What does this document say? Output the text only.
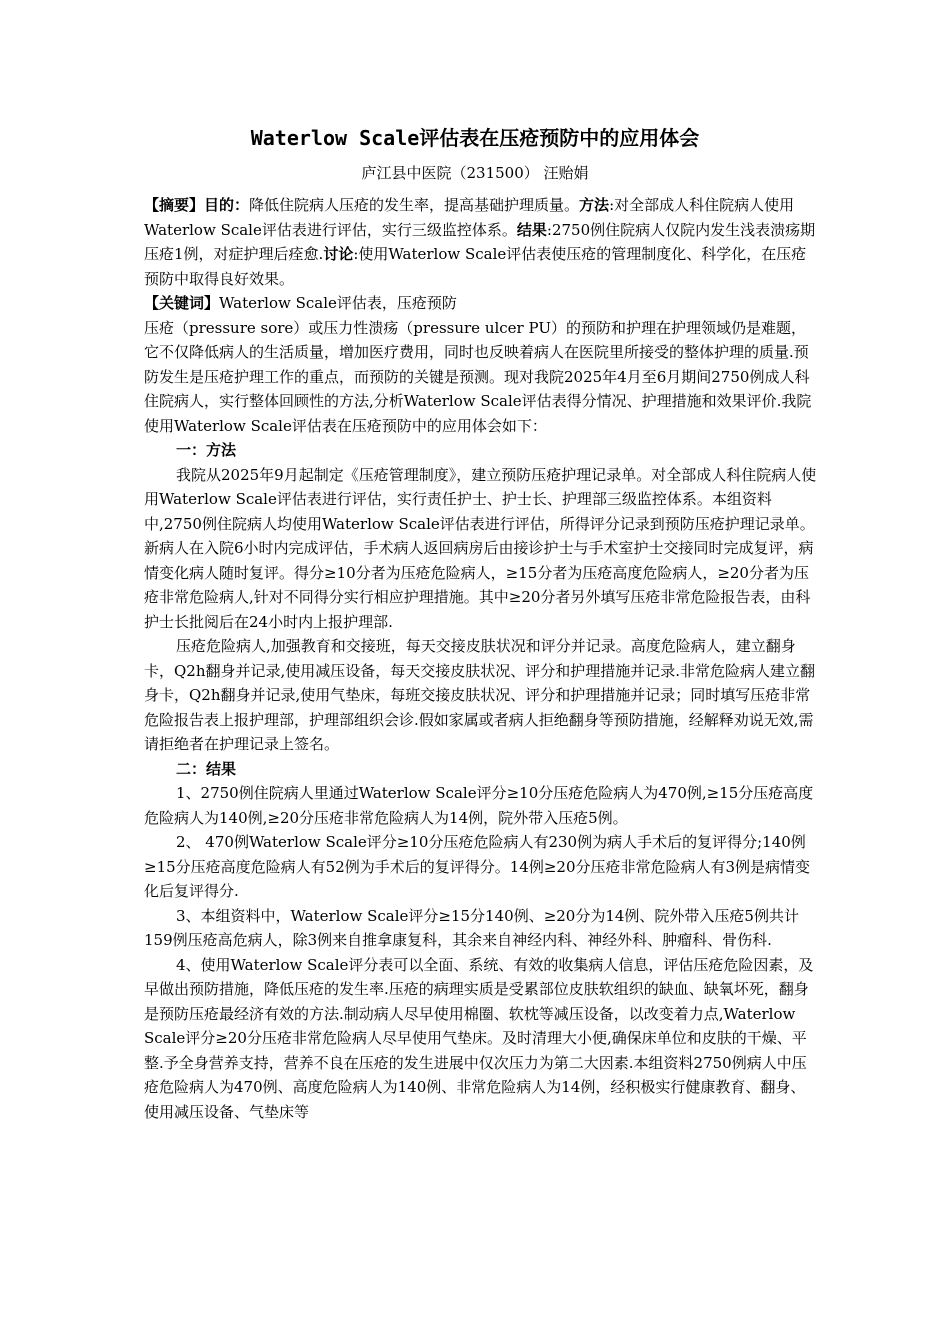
Waterlow Scale评估表在压疮预防中的应用体会
庐江县中医院（231500） 汪贻娟

【摘要】目的：降低住院病人压疮的发生率，提高基础护理质量。方法:对全部成人科住院病人使用Waterlow Scale评估表进行评估，实行三级监控体系。结果:2750例住院病人仅院内发生浅表溃疡期压疮1例，对症护理后痊愈.讨论:使用Waterlow Scale评估表使压疮的管理制度化、科学化，在压疮预防中取得良好效果。

【关键词】Waterlow Scale评估表，压疮预防

压疮（pressure sore）或压力性溃疡（pressure ulcer PU）的预防和护理在护理领域仍是难题，它不仅降低病人的生活质量，增加医疗费用，同时也反映着病人在医院里所接受的整体护理的质量.预防发生是压疮护理工作的重点，而预防的关键是预测。现对我院2025年4月至6月期间2750例成人科住院病人，实行整体回顾性的方法,分析Waterlow Scale评估表得分情况、护理措施和效果评价.我院使用Waterlow Scale评估表在压疮预防中的应用体会如下：

一：方法

我院从2025年9月起制定《压疮管理制度》，建立预防压疮护理记录单。对全部成人科住院病人使用Waterlow Scale评估表进行评估，实行责任护士、护士长、护理部三级监控体系。本组资料中,2750例住院病人均使用Waterlow Scale评估表进行评估，所得评分记录到预防压疮护理记录单。新病人在入院6小时内完成评估，手术病人返回病房后由接诊护士与手术室护士交接同时完成复评，病情变化病人随时复评。得分≥10分者为压疮危险病人，≥15分者为压疮高度危险病人，≥20分者为压疮非常危险病人,针对不同得分实行相应护理措施。其中≥20分者另外填写压疮非常危险报告表，由科护士长批阅后在24小时内上报护理部.

压疮危险病人,加强教育和交接班，每天交接皮肤状况和评分并记录。高度危险病人，建立翻身卡，Q2h翻身并记录,使用减压设备，每天交接皮肤状况、评分和护理措施并记录.非常危险病人建立翻身卡，Q2h翻身并记录,使用气垫床，每班交接皮肤状况、评分和护理措施并记录；同时填写压疮非常危险报告表上报护理部，护理部组织会诊.假如家属或者病人拒绝翻身等预防措施，经解释劝说无效,需请拒绝者在护理记录上签名。

二：结果

1、2750例住院病人里通过Waterlow Scale评分≥10分压疮危险病人为470例,≥15分压疮高度危险病人为140例,≥20分压疮非常危险病人为14例，院外带入压疮5例。

2、 470例Waterlow Scale评分≥10分压疮危险病人有230例为病人手术后的复评得分;140例≥15分压疮高度危险病人有52例为手术后的复评得分。14例≥20分压疮非常危险病人有3例是病情变化后复评得分.

3、本组资料中，Waterlow Scale评分≥15分140例、≥20分为14例、院外带入压疮5例共计159例压疮高危病人，除3例来自推拿康复科，其余来自神经内科、神经外科、肿瘤科、骨伤科.

4、使用Waterlow Scale评分表可以全面、系统、有效的收集病人信息，评估压疮危险因素，及早做出预防措施，降低压疮的发生率.压疮的病理实质是受累部位皮肤软组织的缺血、缺氧坏死，翻身是预防压疮最经济有效的方法.制动病人尽早使用棉圈、软枕等减压设备，以改变着力点,Waterlow Scale评分≥20分压疮非常危险病人尽早使用气垫床。及时清理大小便,确保床单位和皮肤的干燥、平整.予全身营养支持，营养不良在压疮的发生进展中仅次压力为第二大因素.本组资料2750例病人中压疮危险病人为470例、高度危险病人为140例、非常危险病人为14例，经积极实行健康教育、翻身、使用减压设备、气垫床等
